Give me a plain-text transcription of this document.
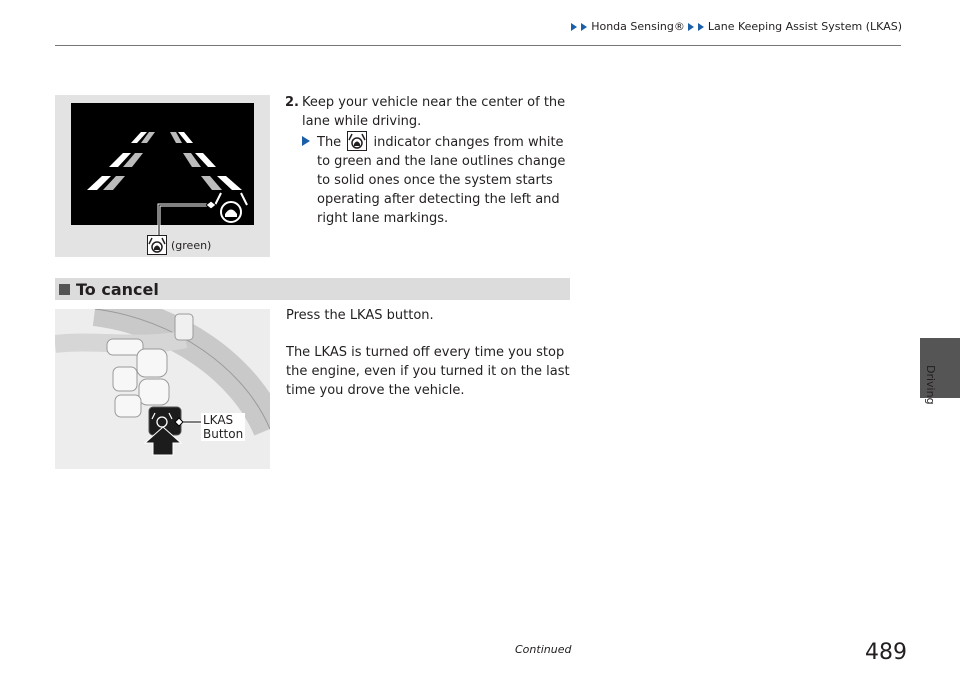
Honda Sensing® Lane Keeping Assist System (LKAS)
Driving
(green)
2. Keep your vehicle near the center of the
lane while driving.
The indicator changes from white to green and the lane outlines change to solid ones once the system starts operating after detecting the left and right lane markings.
To cancel
LKAS
Button
Press the LKAS button.
The LKAS is turned off every time you stop the engine, even if you turned it on the last time you drove the vehicle.
Continued	489
